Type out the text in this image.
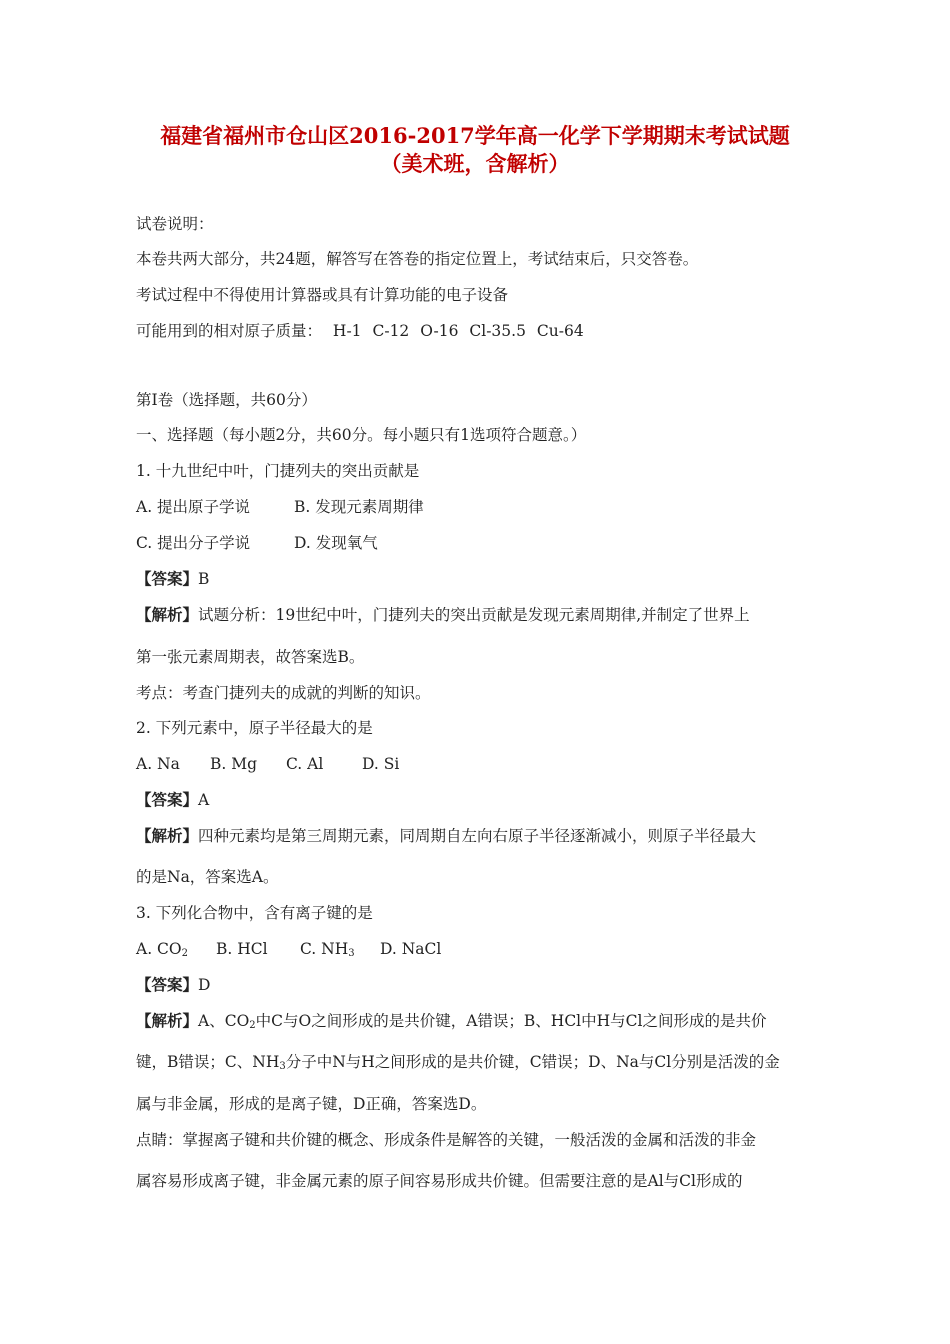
福建省福州市仓山区2016-2017学年高一化学下学期期末考试试题
（美术班，含解析）
试卷说明：
本卷共两大部分，共24题，解答写在答卷的指定位置上，考试结束后，只交答卷。
考试过程中不得使用计算器或具有计算功能的电子设备
可能用到的相对原子质量： H-1 C-12 O-16 Cl-35.5 Cu-64
第Ⅰ卷（选择题，共60分）
一、选择题（每小题2分，共60分。每小题只有1选项符合题意。）
1. 十九世纪中叶，门捷列夫的突出贡献是
A. 提出原子学说	B. 发现元素周期律
C. 提出分子学说	D. 发现氧气
【答案】B
【解析】试题分析：19世纪中叶，门捷列夫的突出贡献是发现元素周期律,并制定了世界上
第一张元素周期表，故答案选B。
考点：考查门捷列夫的成就的判断的知识。
2. 下列元素中，原子半径最大的是
A. Na B. Mg C. Al D. Si
【答案】A
【解析】四种元素均是第三周期元素，同周期自左向右原子半径逐渐减小，则原子半径最大
的是Na，答案选A。
3. 下列化合物中，含有离子键的是
A. $CO_2$ B. HCl C. $NH_3$ D. NaCl
【答案】D
【解析】A、$CO_2$中C与O之间形成的是共价键，A错误；B、HCl中H与Cl之间形成的是共价
键，B错误；C、$NH_3$分子中N与H之间形成的是共价键，C错误；D、Na与Cl分别是活泼的金
属与非金属，形成的是离子键，D正确，答案选D。
点睛：掌握离子键和共价键的概念、形成条件是解答的关键，一般活泼的金属和活泼的非金
属容易形成离子键，非金属元素的原子间容易形成共价键。但需要注意的是Al与Cl形成的
